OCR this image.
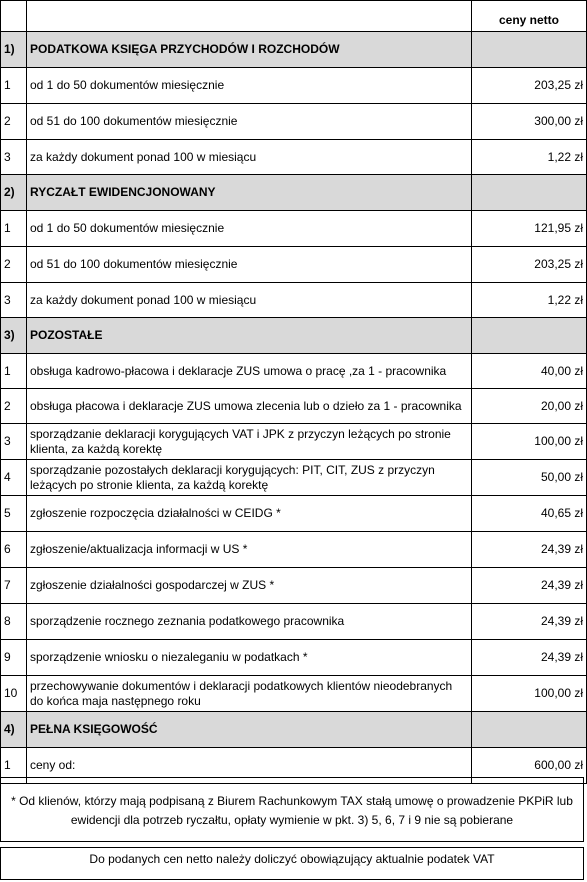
		ceny netto
1)	PODATKOWA KSIĘGA PRZYCHODÓW I ROZCHODÓW	
1	od 1 do 50 dokumentów miesięcznie	203,25 zł
2	od 51 do 100 dokumentów miesięcznie	300,00 zł
3	za każdy dokument ponad 100 w miesiącu	1,22 zł
2)	RYCZAŁT EWIDENCJONOWANY	
1	od 1 do 50 dokumentów miesięcznie	121,95 zł
2	od 51 do 100 dokumentów miesięcznie	203,25 zł
3	za każdy dokument ponad 100 w miesiącu	1,22 zł
3)	POZOSTAŁE	
1	obsługa kadrowo-płacowa i deklaracje ZUS umowa o pracę ,za 1 - pracownika	40,00 zł
2	obsługa płacowa i deklaracje ZUS umowa zlecenia lub o dzieło za 1 - pracownika	20,00 zł
3	sporządzanie deklaracji korygujących VAT i JPK z przyczyn leżących po stronie klienta, za każdą korektę	100,00 zł
4	sporządzanie pozostałych deklaracji korygujących: PIT, CIT, ZUS z przyczyn leżących po stronie klienta, za każdą korektę	50,00 zł
5	zgłoszenie rozpoczęcia działalności w CEIDG *	40,65 zł
6	zgłoszenie/aktualizacja informacji w US *	24,39 zł
7	zgłoszenie działalności gospodarczej w ZUS *	24,39 zł
8	sporządzenie rocznego zeznania podatkowego pracownika	24,39 zł
9	sporządzenie wniosku o niezaleganiu w podatkach *	24,39 zł
10	przechowywanie dokumentów i deklaracji podatkowych klientów nieodebranych do końca maja następnego roku	100,00 zł
4)	PEŁNA KSIĘGOWOŚĆ	
1	ceny od:	600,00 zł
* Od klienów, którzy mają podpisaną z Biurem Rachunkowym TAX stałą umowę o prowadzenie PKPiR lub ewidencji dla potrzeb ryczałtu, opłaty wymienie w pkt. 3) 5, 6, 7 i 9 nie są pobierane
Do podanych cen netto należy doliczyć obowiązujący aktualnie podatek VAT
